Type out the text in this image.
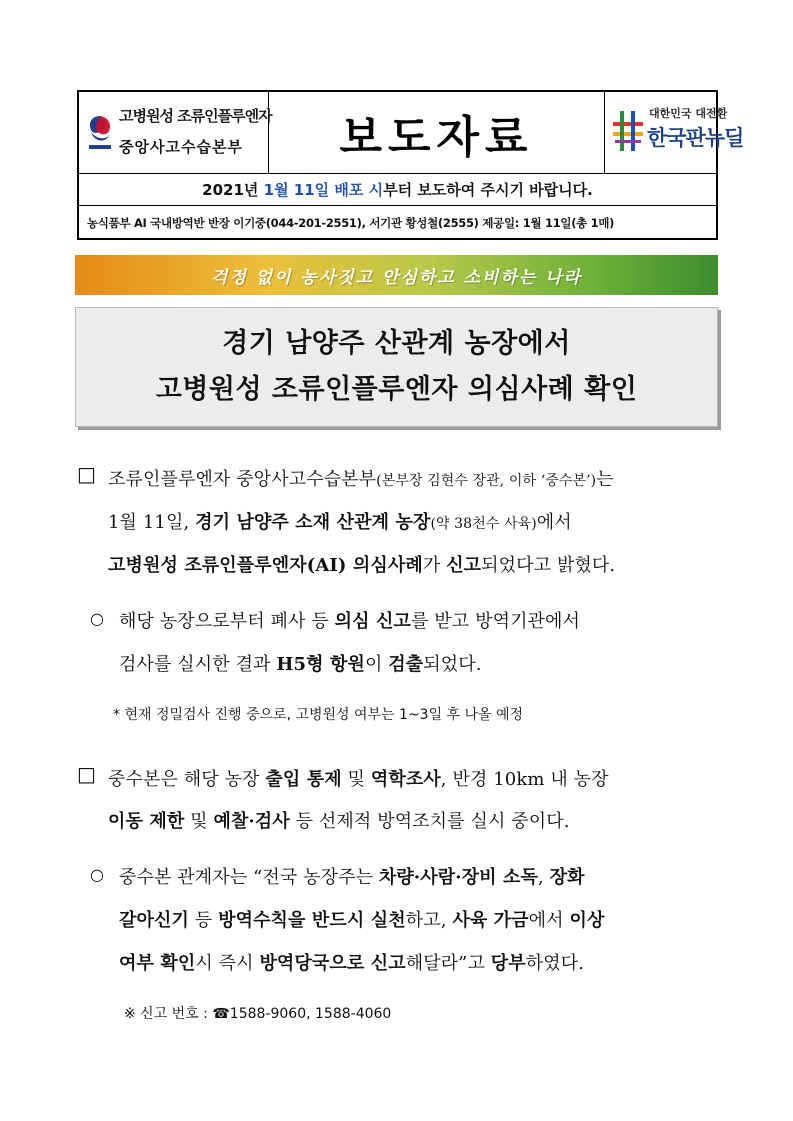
고병원성 조류인플루엔자
중앙사고수습본부 보도자료	대한민국 대전환
한국판뉴딜
2021년 1월 11일 배포 시 부터 보도하여 주시기 바랍니다.
농식품부 AI 국내방역반 반장 이기중(044-201-2551), 서기관 황성철(2555) 제공일: 1월 11일(총 1매)
걱정 없이 농사짓고 안심하고 소비하는 나라
경기 남양주 산관계 농장에서
고병원성 조류인플루엔자 의심사례 확인
□ 조류인플루엔자 중앙사고수습본부(본부장 김현수 장관, 이하 ‘중수본’)는
1월 11일, 경기 남양주 소재 산관계 농장(약 38천수 사육)에서
고병원성 조류인플루엔자(AI) 의심사례가 신고되었다고 밝혔다.
○ 해당 농장으로부터 폐사 등 의심 신고를 받고 방역기관에서
검사를 실시한 결과 H5형 항원이 검출되었다.
* 현재 정밀검사 진행 중으로, 고병원성 여부는 1~3일 후 나올 예정
□ 중수본은 해당 농장 출입 통제 및 역학조사, 반경 10km 내 농장
이동 제한 및 예찰·검사 등 선제적 방역조치를 실시 중이다.
○ 중수본 관계자는 “전국 농장주는 차량·사람·장비 소독, 장화
갈아신기 등 방역수칙을 반드시 실천하고, 사육 가금에서 이상
여부 확인시 즉시 방역당국으로 신고해달라”고 당부하였다.
※ 신고 번호 : ☎1588-9060, 1588-4060
